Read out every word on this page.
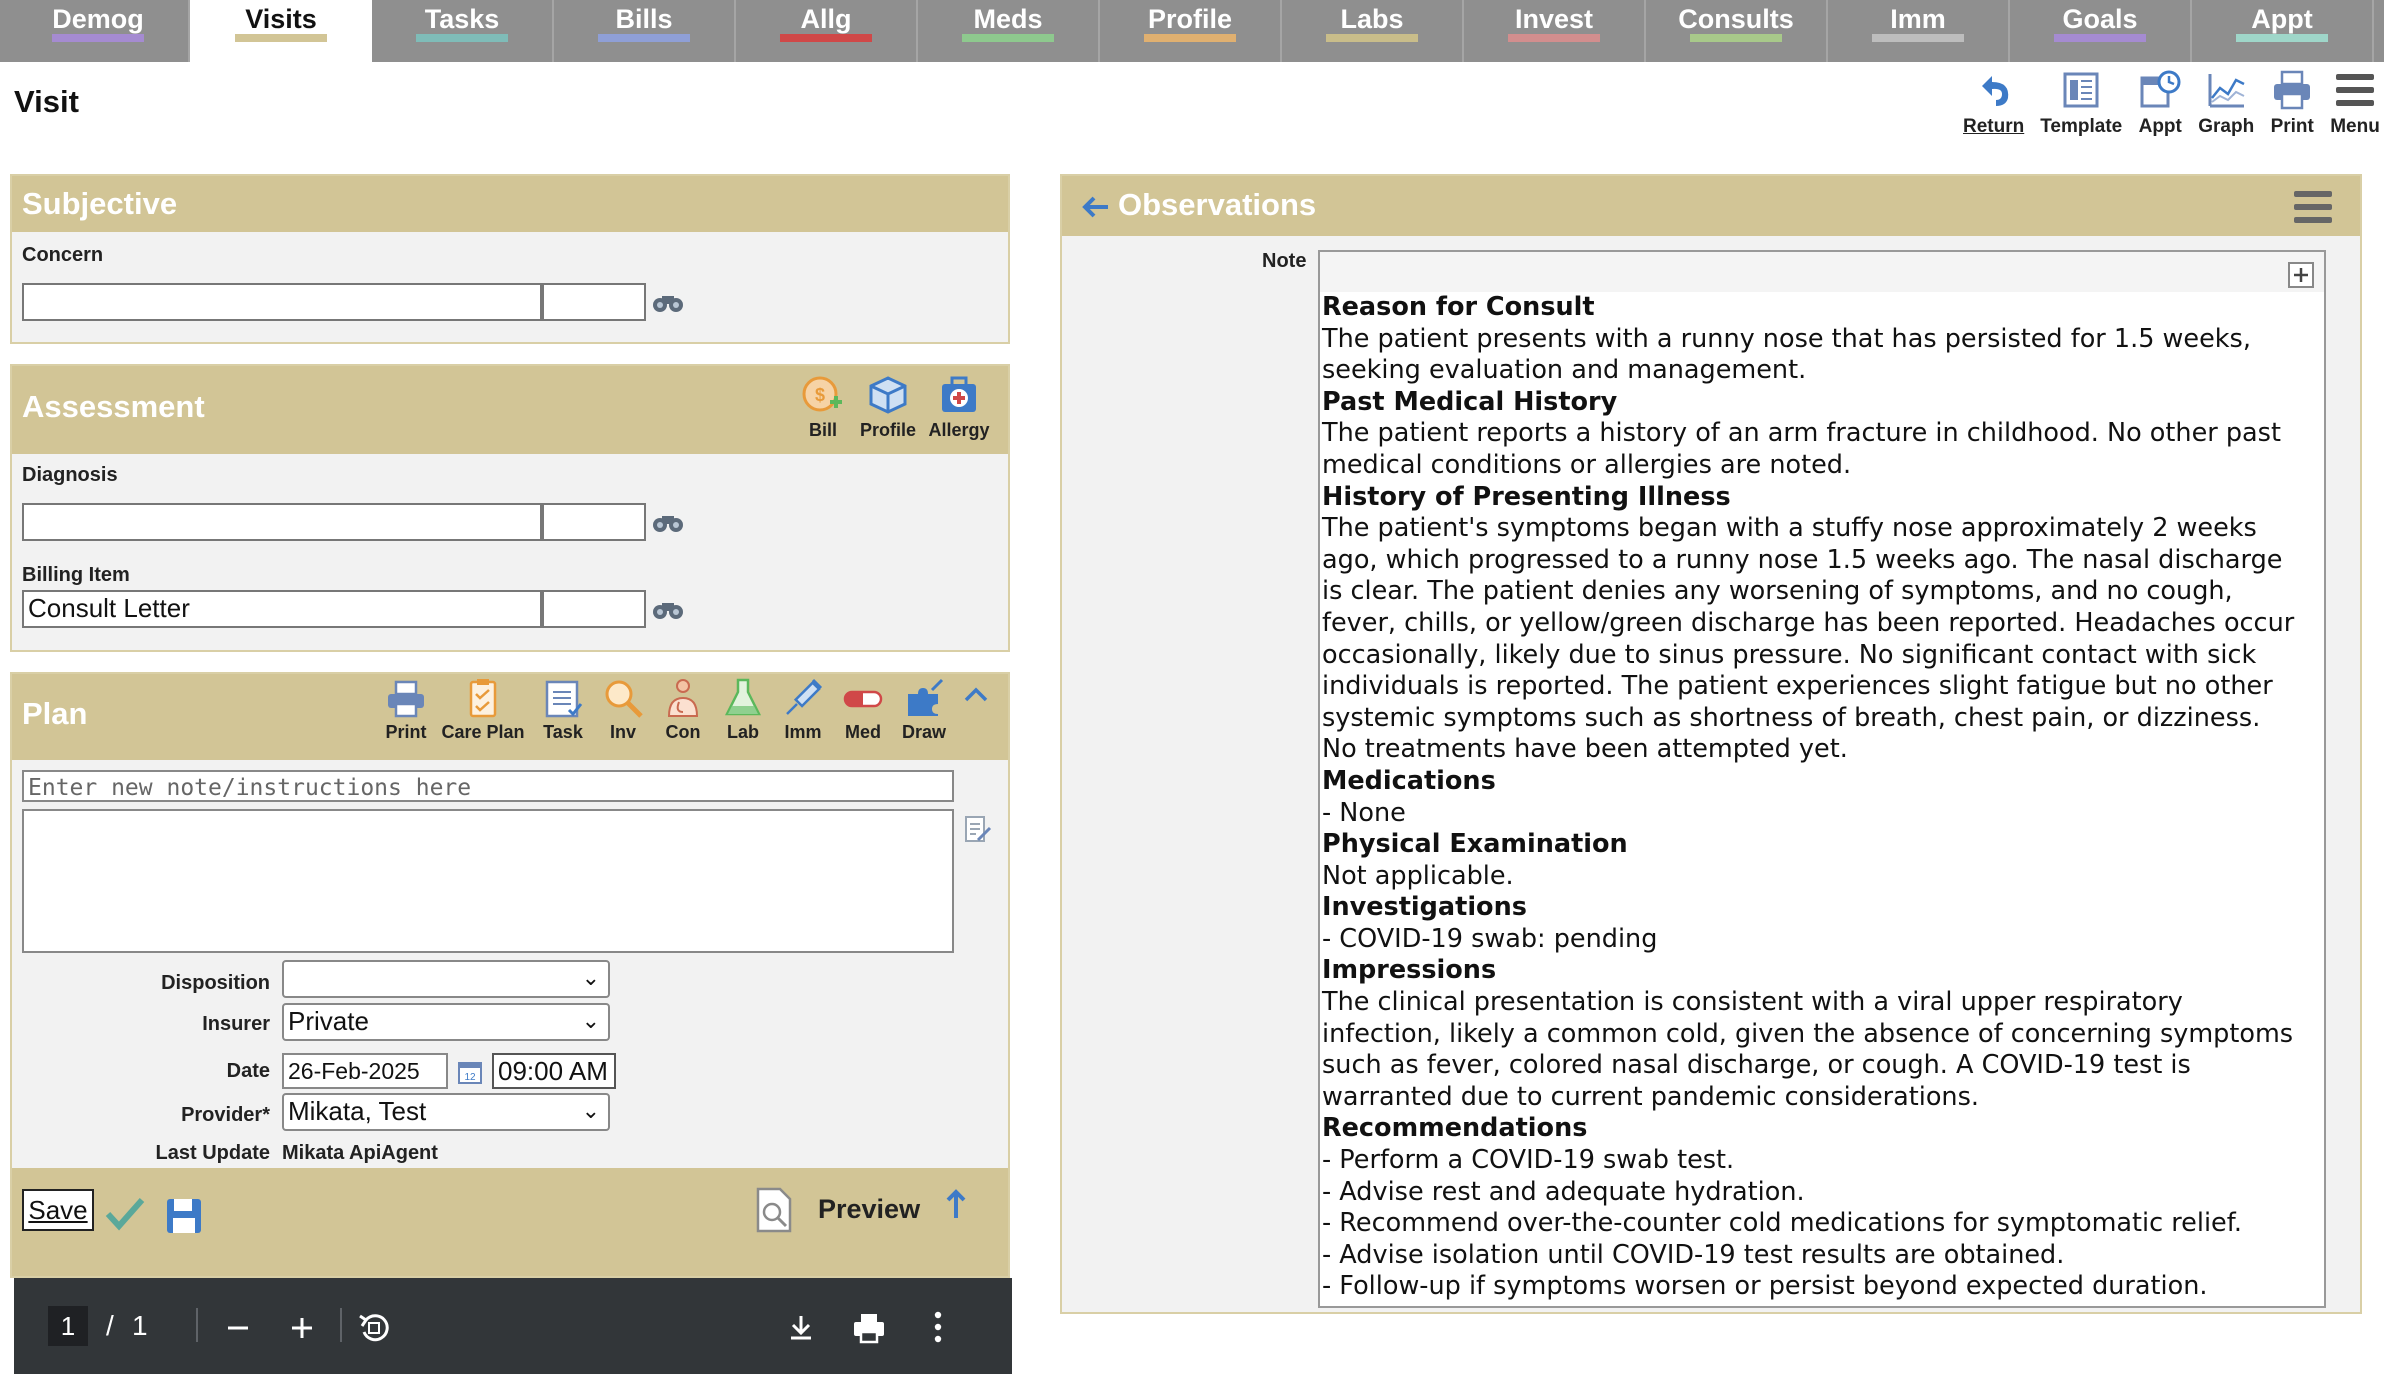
Demog	Visits	Tasks	Bills	Allg	Meds	Profile	Labs	Invest	Consults	Imm	Goals	Appt
Visit
Return Template Appt Graph Print Menu
Subjective
Concern
Assessment	$
Bill	Profile Allergy
Diagnosis
Billing Item
Consult Letter
Plan
Print Care Plan	Task	Inv	Con	Lab	Imm	Med	Draw
Enter new note/instructions here
Disposition	⌄
Insurer Private	⌄
Date 26-Feb-2025	12 09:00 AM
Provider* Mikata, Test	⌄
Last Update Mikata ApiAgent
Save	Preview
1	/ 1
Observations
Note
Reason for Consult
The patient presents with a runny nose that has persisted for 1.5 weeks,
seeking evaluation and management.
Past Medical History
The patient reports a history of an arm fracture in childhood. No other past
medical conditions or allergies are noted.
History of Presenting Illness
The patient's symptoms began with a stuffy nose approximately 2 weeks
ago, which progressed to a runny nose 1.5 weeks ago. The nasal discharge
is clear. The patient denies any worsening of symptoms, and no cough,
fever, chills, or yellow/green discharge has been reported. Headaches occur
occasionally, likely due to sinus pressure. No significant contact with sick
individuals is reported. The patient experiences slight fatigue but no other
systemic symptoms such as shortness of breath, chest pain, or dizziness.
No treatments have been attempted yet.
Medications
- None
Physical Examination
Not applicable.
Investigations
- COVID-19 swab: pending
Impressions
The clinical presentation is consistent with a viral upper respiratory
infection, likely a common cold, given the absence of concerning symptoms
such as fever, colored nasal discharge, or cough. A COVID-19 test is
warranted due to current pandemic considerations.
Recommendations
- Perform a COVID-19 swab test.
- Advise rest and adequate hydration.
- Recommend over-the-counter cold medications for symptomatic relief.
- Advise isolation until COVID-19 test results are obtained.
- Follow-up if symptoms worsen or persist beyond expected duration.
